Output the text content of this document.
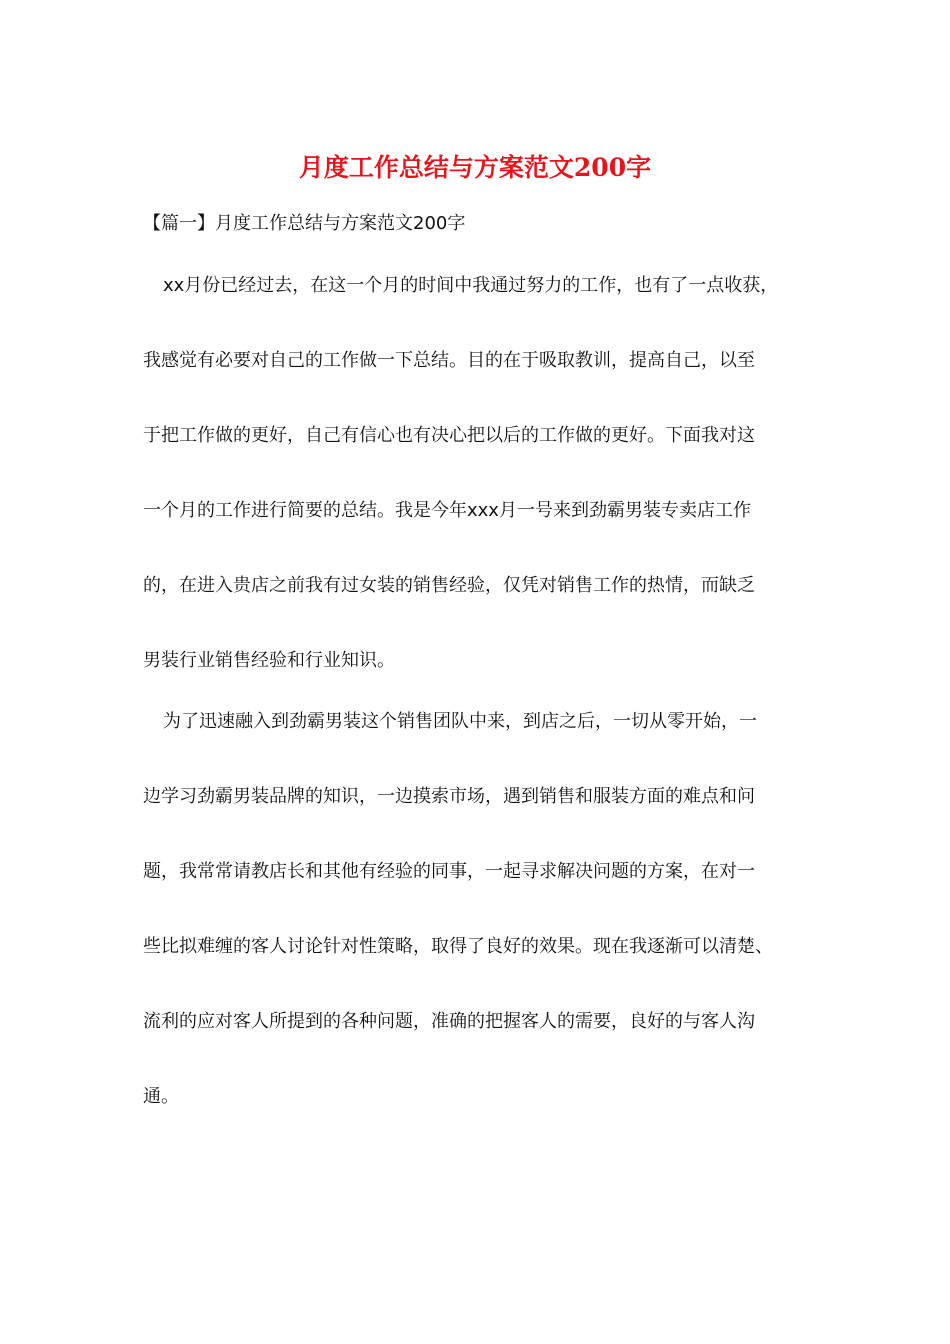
月度工作总结与方案范文200字

【篇一】月度工作总结与方案范文200字

xx月份已经过去，在这一个月的时间中我通过努力的工作，也有了一点收获，

我感觉有必要对自己的工作做一下总结。目的在于吸取教训，提高自己，以至

于把工作做的更好，自己有信心也有决心把以后的工作做的更好。下面我对这

一个月的工作进行简要的总结。我是今年xxx月一号来到劲霸男装专卖店工作

的，在进入贵店之前我有过女装的销售经验，仅凭对销售工作的热情，而缺乏

男装行业销售经验和行业知识。

为了迅速融入到劲霸男装这个销售团队中来，到店之后，一切从零开始，一

边学习劲霸男装品牌的知识，一边摸索市场，遇到销售和服装方面的难点和问

题，我常常请教店长和其他有经验的同事，一起寻求解决问题的方案，在对一

些比拟难缠的客人讨论针对性策略，取得了良好的效果。现在我逐渐可以清楚、

流利的应对客人所提到的各种问题，准确的把握客人的需要，良好的与客人沟

通。
